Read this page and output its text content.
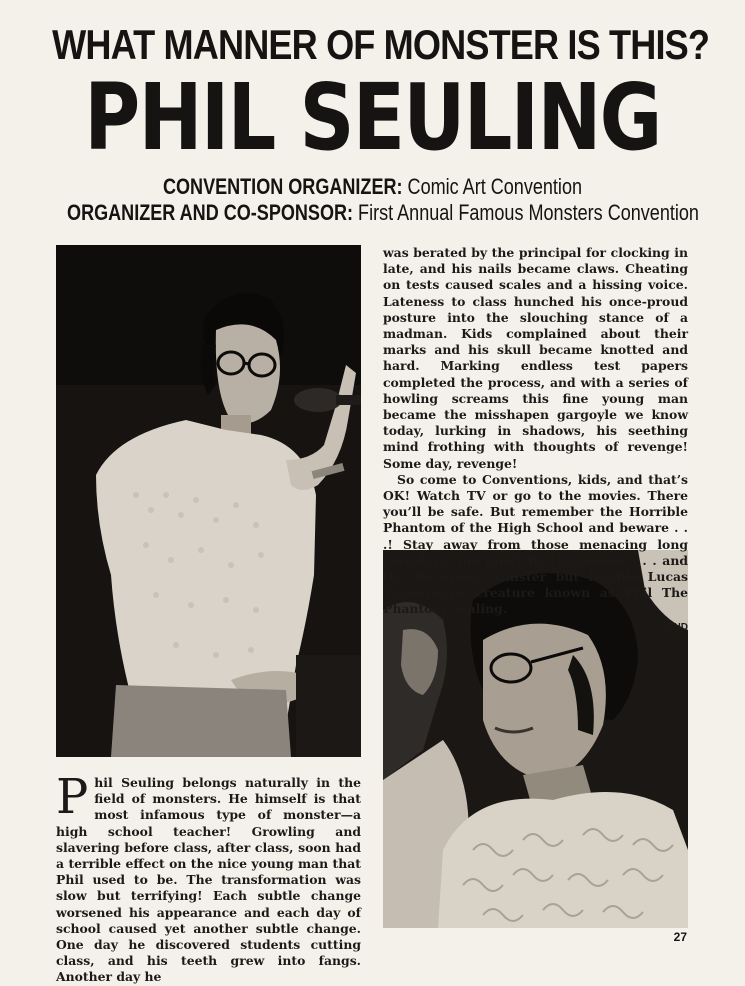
WHAT MANNER OF MONSTER IS THIS?
PHIL SEULING
CONVENTION ORGANIZER: Comic Art Convention
ORGANIZER AND CO-SPONSOR: First Annual Famous Monsters Convention

was berated by the principal for clocking in late, and his nails became claws. Cheating on tests caused scales and a hissing voice. Lateness to class hunched his once-proud posture into the slouching stance of a madman. Kids complained about their marks and his skull became knotted and hard. Marking endless test papers completed the process, and with a series of howling screams this fine young man became the misshapen gargoyle we know today, lurking in shadows, his seething mind frothing with thoughts of revenge! Some day, revenge!

So come to Conventions, kids, and that’s OK! Watch TV or go to the movies. There you’ll be safe. But remember the Horrible Phantom of the High School and beware . . .! Stay away from those menacing long corridors, the dimly-lit classrooms . . . and the ferocious, sinister but lovable Lucas Tanner-type creature known as Phil The Phantom Seuling.

END
P hil Seuling belongs naturally in the field of monsters. He himself is that most infamous type of monster—a high school teacher! Growling and slavering before class, after class, soon had a terrible effect on the nice young man that Phil used to be. The transformation was slow but terrifying! Each subtle change worsened his appearance and each day of school caused yet another subtle change. One day he discovered students cutting class, and his teeth grew into fangs. Another day he

27
